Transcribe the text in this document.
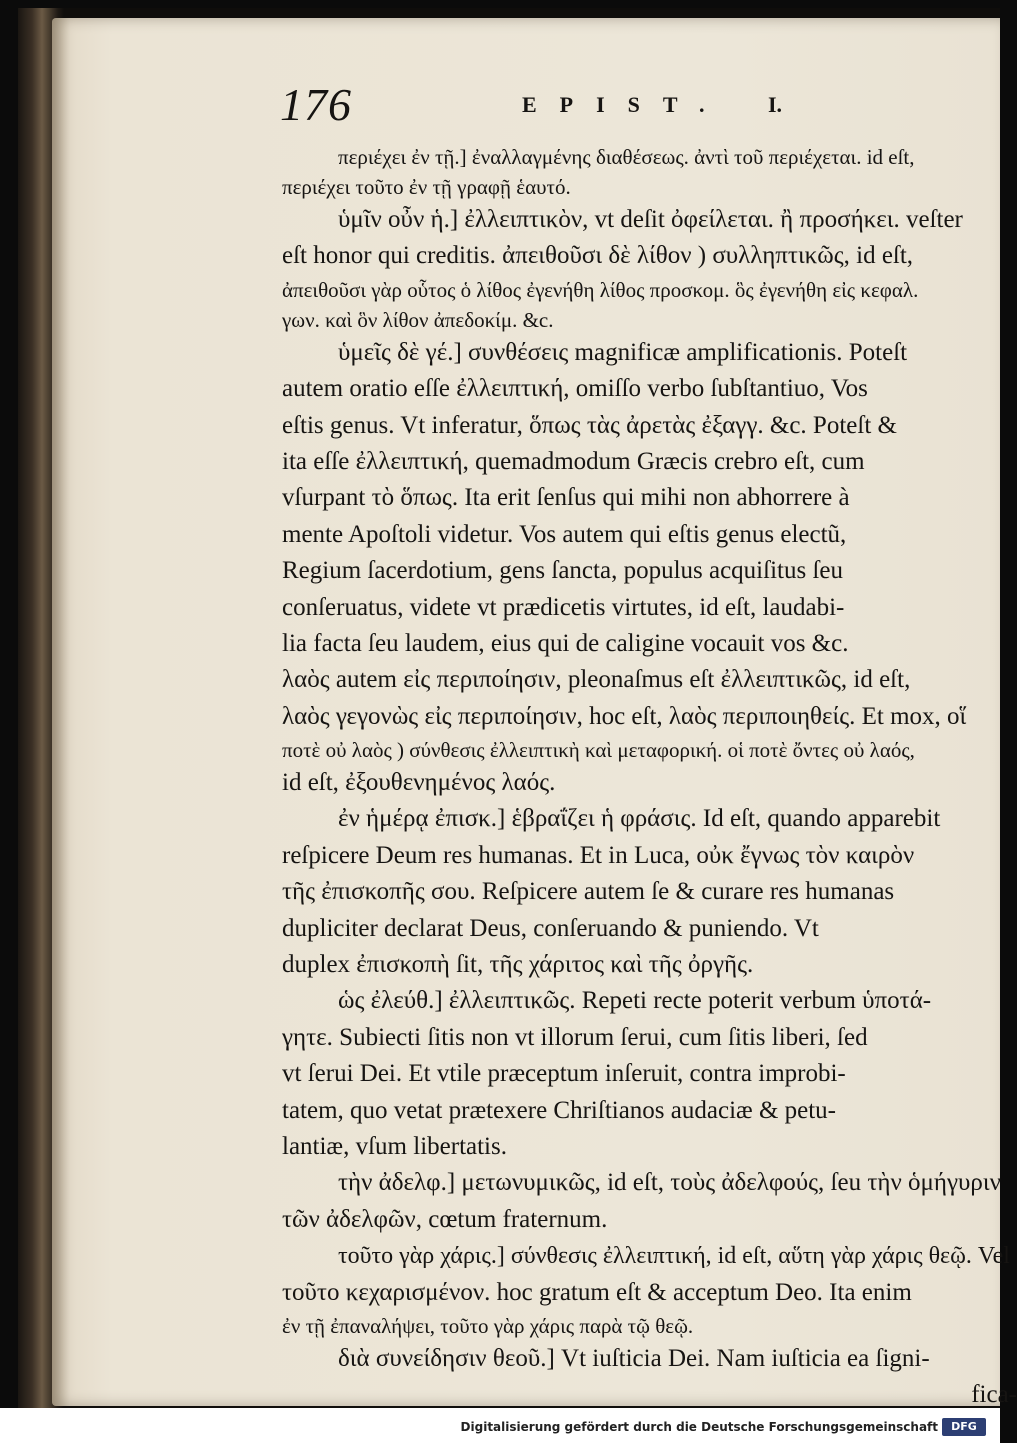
176	EPIST. I.
περιέχει ἐν τῇ.] ἐναλλαγμένης διαθέσεως. ἀντὶ τοῦ περιέχεται. id eſt,
περιέχει τοῦτο ἐν τῇ γραφῇ ἑαυτό.
ὑμῖν οὖν ἡ.] ἐλλειπτικὸν, vt deſit ὀφείλεται. ἢ προσήκει. veſter
eſt honor qui creditis. ἀπειθοῦσι δὲ λίθον ) συλληπτικῶς, id eſt,
ἀπειθοῦσι γὰρ οὗτος ὁ λίθος ἐγενήθη λίθος προσκομ. ὃς ἐγενήθη εἰς κεφαλ.
γων. καὶ ὃν λίθον ἀπεδοκίμ. &c.
ὑμεῖς δὲ γέ.] συνθέσεις magnificæ amplificationis. Poteſt
autem oratio eſſe ἐλλειπτική, omiſſo verbo ſubſtantiuo, Vos
eſtis genus. Vt inferatur, ὅπως τὰς ἀρετὰς ἐξαγγ. &c. Poteſt &
ita eſſe ἐλλειπτική, quemadmodum Græcis crebro eſt, cum
vſurpant τὸ ὅπως. Ita erit ſenſus qui mihi non abhorrere à
mente Apoſtoli videtur. Vos autem qui eſtis genus electũ,
Regium ſacerdotium, gens ſancta, populus acquiſitus ſeu
conſeruatus, videte vt prædicetis virtutes, id eſt, laudabi-
lia facta ſeu laudem, eius qui de caligine vocauit vos &c.
λαὸς autem εἰς περιποίησιν, pleonaſmus eſt ἐλλειπτικῶς, id eſt,
λαὸς γεγονὼς εἰς περιποίησιν, hoc eſt, λαὸς περιποιηθείς. Et mox, οἵ
ποτὲ οὐ λαὸς ) σύνθεσις ἐλλειπτικὴ καὶ μεταφορική. οἱ ποτὲ ὄντες οὐ λαός,
id eſt, ἐξουθενημένος λαός.
ἐν ἡμέρᾳ ἐπισκ.] ἑβραΐζει ἡ φράσις. Id eſt, quando apparebit
reſpicere Deum res humanas. Et in Luca, οὐκ ἔγνως τὸν καιρὸν
τῆς ἐπισκοπῆς σου. Reſpicere autem ſe & curare res humanas
dupliciter declarat Deus, conſeruando & puniendo. Vt
duplex ἐπισκοπὴ ſit, τῆς χάριτος καὶ τῆς ὀργῆς.
ὡς ἐλεύθ.] ἐλλειπτικῶς. Repeti recte poterit verbum ὑποτά-
γητε. Subiecti ſitis non vt illorum ſerui, cum ſitis liberi, ſed
vt ſerui Dei. Et vtile præceptum inſeruit, contra improbi-
tatem, quo vetat prætexere Chriſtianos audaciæ & petu-
lantiæ, vſum libertatis.
τὴν ἀδελφ.] μετωνυμικῶς, id eſt, τοὺς ἀδελφούς, ſeu τὴν ὁμήγυριν
τῶν ἀδελφῶν, cœtum fraternum.
τοῦτο γὰρ χάρις.] σύνθεσις ἐλλειπτική, id eſt, αὕτη γὰρ χάρις θεῷ. Vel
τοῦτο κεχαρισμένον. hoc gratum eſt & acceptum Deo. Ita enim
ἐν τῇ ἐπαναλήψει, τοῦτο γὰρ χάρις παρὰ τῷ θεῷ.
διὰ συνείδησιν θεοῦ.] Vt iuſticia Dei. Nam iuſticia ea ſigni-
fica-
Digitalisierung gefördert durch die Deutsche Forschungsgemeinschaft	DFG
